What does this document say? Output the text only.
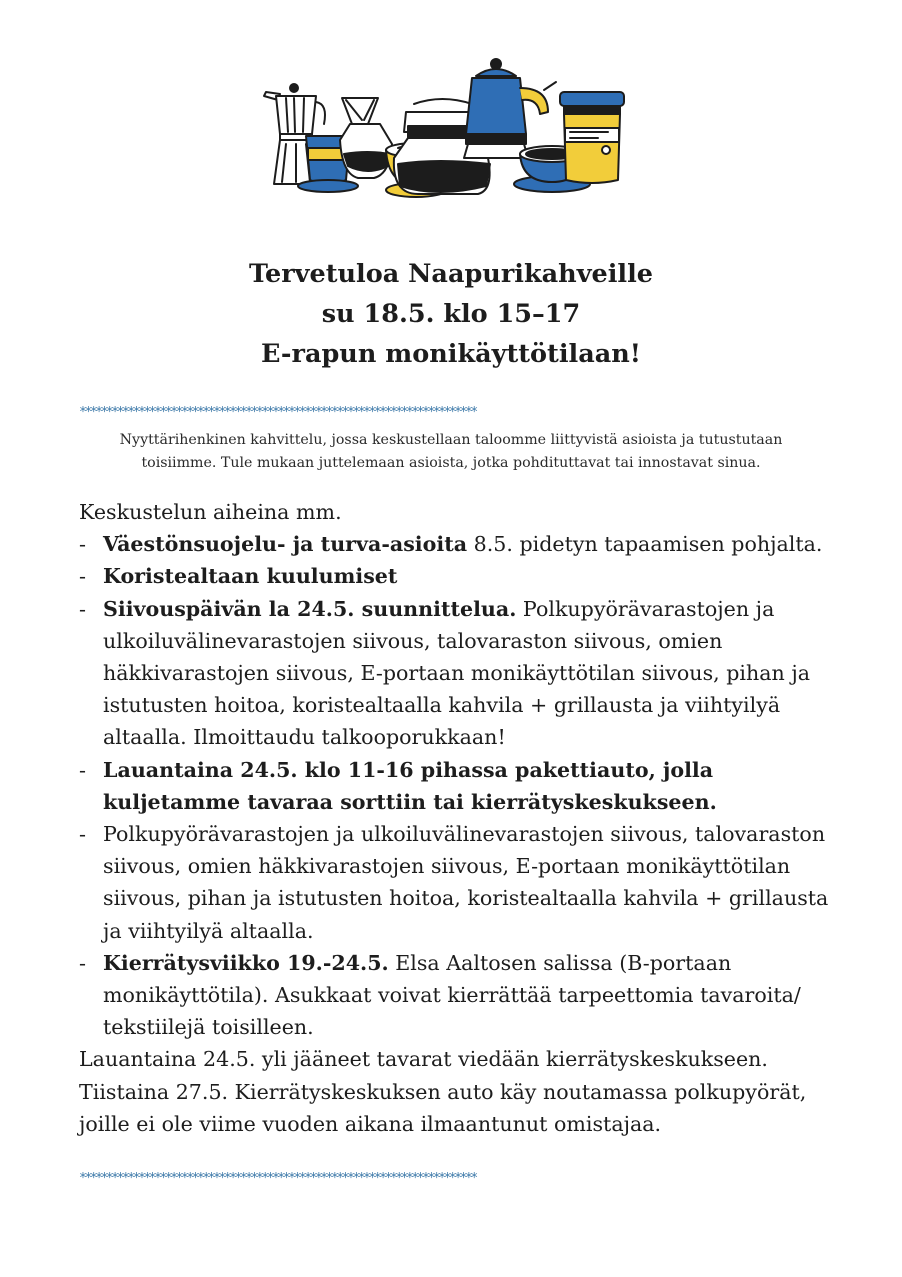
Tervetuloa Naapurikahveille
su 18.5. klo 15–17
E-rapun monikäyttötilaan!
**************************************************************************
Nyyttärihenkinen kahvittelu, jossa keskustellaan taloomme liittyvistä asioista ja tutustutaan
toisiimme. Tule mukaan juttelemaan asioista, jotka pohdituttavat tai innostavat sinua.

Keskustelun aiheina mm.

- Väestönsuojelu- ja turva-asioita 8.5. pidetyn tapaamisen pohjalta.
- Koristealtaan kuulumiset
- Siivouspäivän la 24.5. suunnittelua. Polkupyörävarastojen ja ulkoiluvälinevarastojen siivous, talovaraston siivous, omien häkkivarastojen siivous, E-portaan monikäyttötilan siivous, pihan ja istutusten hoitoa, koristealtaalla kahvila + grillausta ja viihtyilyä altaalla. Ilmoittaudu talkooporukkaan!
- Lauantaina 24.5. klo 11-16 pihassa pakettiauto, jolla kuljetamme tavaraa sorttiin tai kierrätyskeskukseen.
- Polkupyörävarastojen ja ulkoiluvälinevarastojen siivous, talovaraston siivous, omien häkkivarastojen siivous, E-portaan monikäyttötilan siivous, pihan ja istutusten hoitoa, koristealtaalla kahvila + grillausta ja viihtyilyä altaalla.
- Kierrätysviikko 19.-24.5. Elsa Aaltosen salissa (B-portaan monikäyttötila). Asukkaat voivat kierrättää tarpeettomia tavaroita/ tekstiilejä toisilleen.

Lauantaina 24.5. yli jääneet tavarat viedään kierrätyskeskukseen.

Tiistaina 27.5. Kierrätyskeskuksen auto käy noutamassa polkupyörät, joille ei ole viime vuoden aikana ilmaantunut omistajaa.

**************************************************************************
